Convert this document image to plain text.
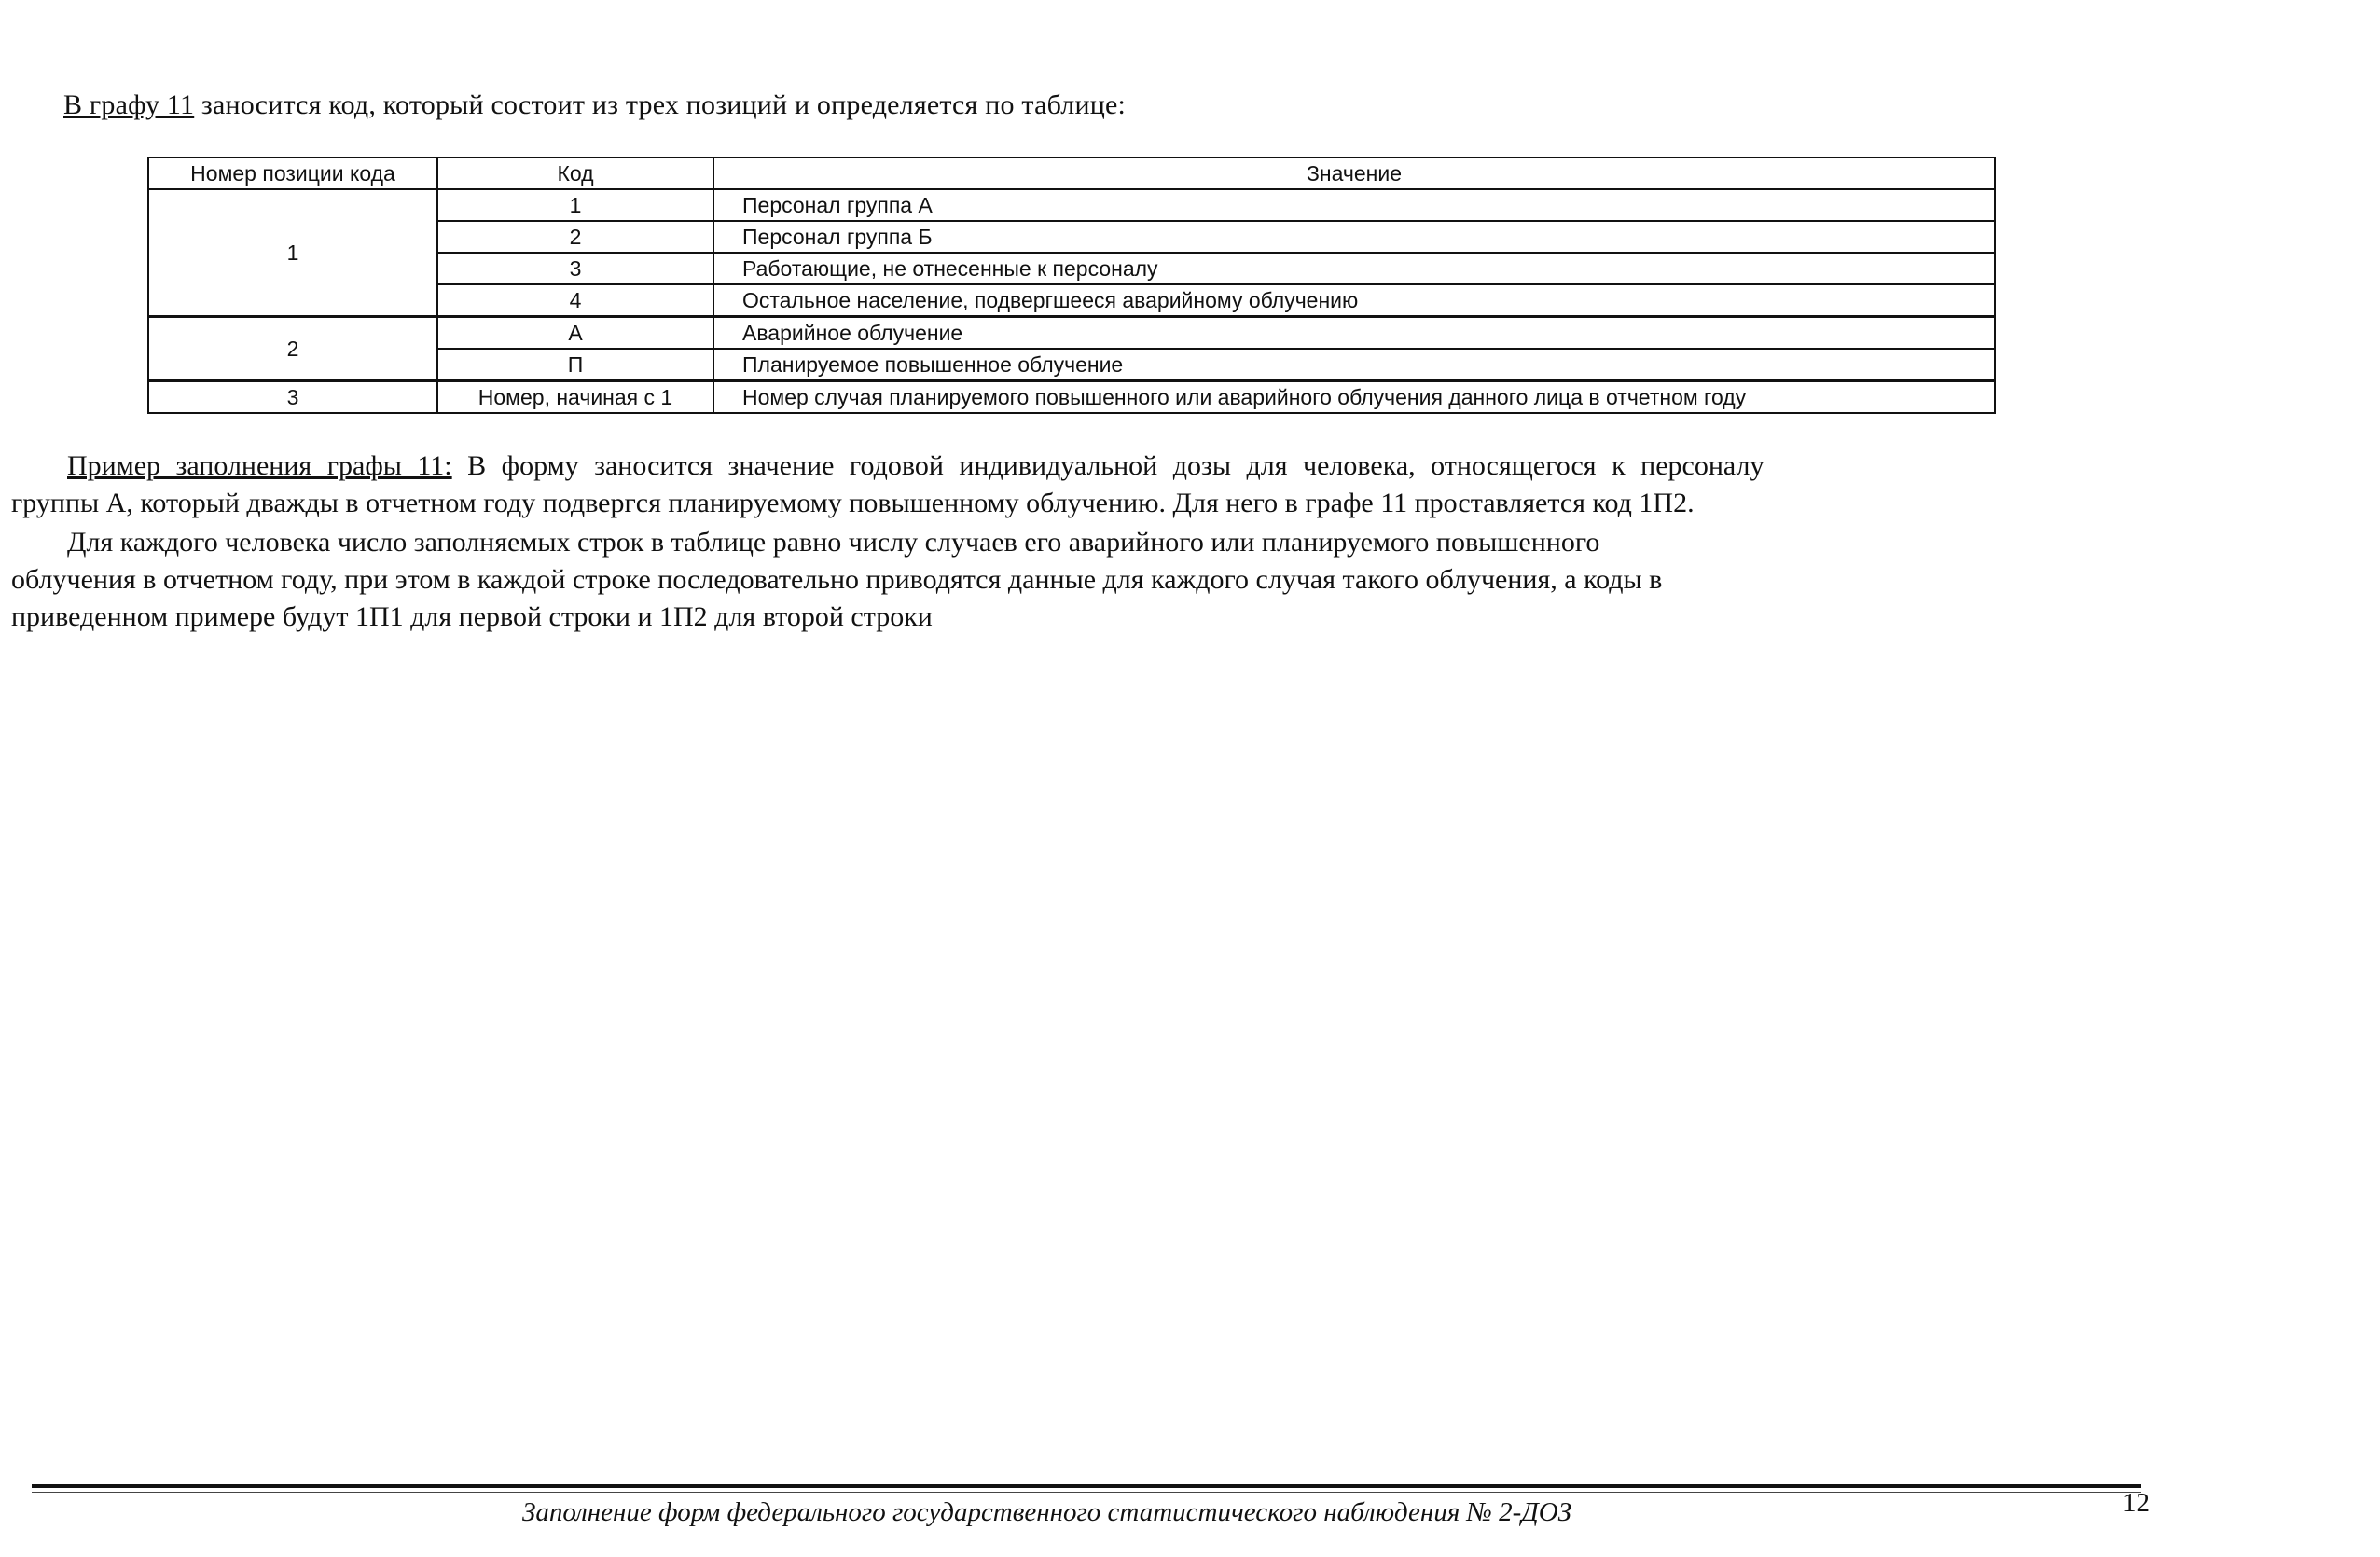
В графу 11 заносится код, который состоит из трех позиций и определяется по таблице:
Номер позиции кода	Код	Значение
1	1	Персонал группа А
	2	Персонал группа Б
	3	Работающие, не отнесенные к персоналу
	4	Остальное население, подвергшееся аварийному облучению
2	А	Аварийное облучение
	П	Планируемое повышенное облучение
3	Номер, начиная с 1	Номер случая планируемого повышенного или аварийного облучения данного лица в отчетном году
Пример заполнения графы 11: В форму заносится значение годовой индивидуальной дозы для человека, относящегося к персоналу
группы А, который дважды в отчетном году подвергся планируемому повышенному облучению. Для него в графе 11 проставляется код 1П2.
Для каждого человека число заполняемых строк в таблице равно числу случаев его аварийного или планируемого повышенного
облучения в отчетном году, при этом в каждой строке последовательно приводятся данные для каждого случая такого облучения, а коды в
приведенном примере будут 1П1 для первой строки и 1П2 для второй строки
Заполнение форм федерального государственного статистического наблюдения № 2-ДОЗ	12
